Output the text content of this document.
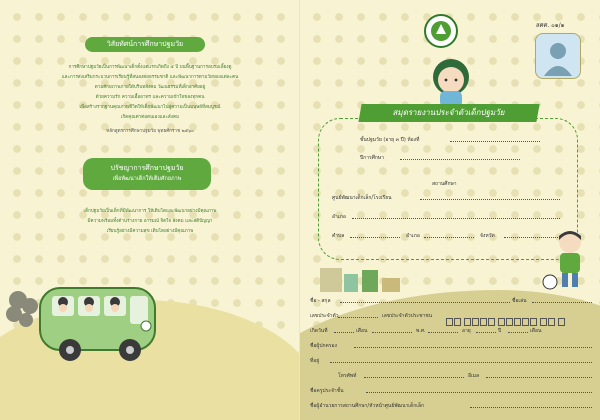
วิสัยทัศน์การศึกษาปฐมวัย
การศึกษาปฐมวัยเป็นการพัฒนาเด็กตั้งแต่แรกเกิดถึง ๕ ปี บนพื้นฐานการอบรมเลี้ยงดู
และการส่งเสริมกระบวนการเรียนรู้ที่สนองต่อธรรมชาติ และพัฒนาการตามวัยของแต่ละคน
ตามศักยภาพภายใต้บริบทสังคม วัฒนธรรมที่เด็กอาศัยอยู่
ด้วยความรัก ความเอื้ออาทร และความเข้าใจของทุกคน
เพื่อสร้างรากฐานคุณภาพชีวิตให้เด็กพัฒนาไปสู่ความเป็นมนุษย์ที่สมบูรณ์
เกิดคุณค่าต่อตนเองและสังคม
หลักสูตรการศึกษาปฐมวัย พุทธศักราช ๒๕๖๐
ปรัชญาการศึกษาปฐมวัย
เพื่อพัฒนาเด็กให้เต็มศักยภาพ
เด็กปฐมวัยเป็นเด็กที่มีพัฒนาการ ให้เติบโตและพัฒนาอย่างมีคุณภาพ
มีความพร้อมทั้งด้านร่างกาย อารมณ์ จิตใจ สังคม และสติปัญญา
เรียนรู้อย่างมีความสุข เติบโตอย่างมีคุณภาพ
สศศ. ๐๑/๑
สมุดรายงานประจำตัวเด็กปฐมวัย
ชั้นปฐมวัย (อายุ ๓ ปี) ห้องที่
ปีการศึกษา
สถานศึกษา
ศูนย์พัฒนาเด็กเล็ก/โรงเรียน
อำเภอ
ตำบล	อำเภอ	จังหวัด
ชื่อ - สกุล	ชื่อเล่น
เลขประจำตัว	เลขประจำตัวประชาชน
เกิดวันที่	เดือน	พ.ศ.	อายุ	ปี	เดือน
ชื่อผู้ปกครอง
ที่อยู่
โทรศัพท์	อีเมล
ชื่อครูประจำชั้น
ชื่อผู้อำนวยการสถานศึกษา/หัวหน้าศูนย์พัฒนาเด็กเล็ก
